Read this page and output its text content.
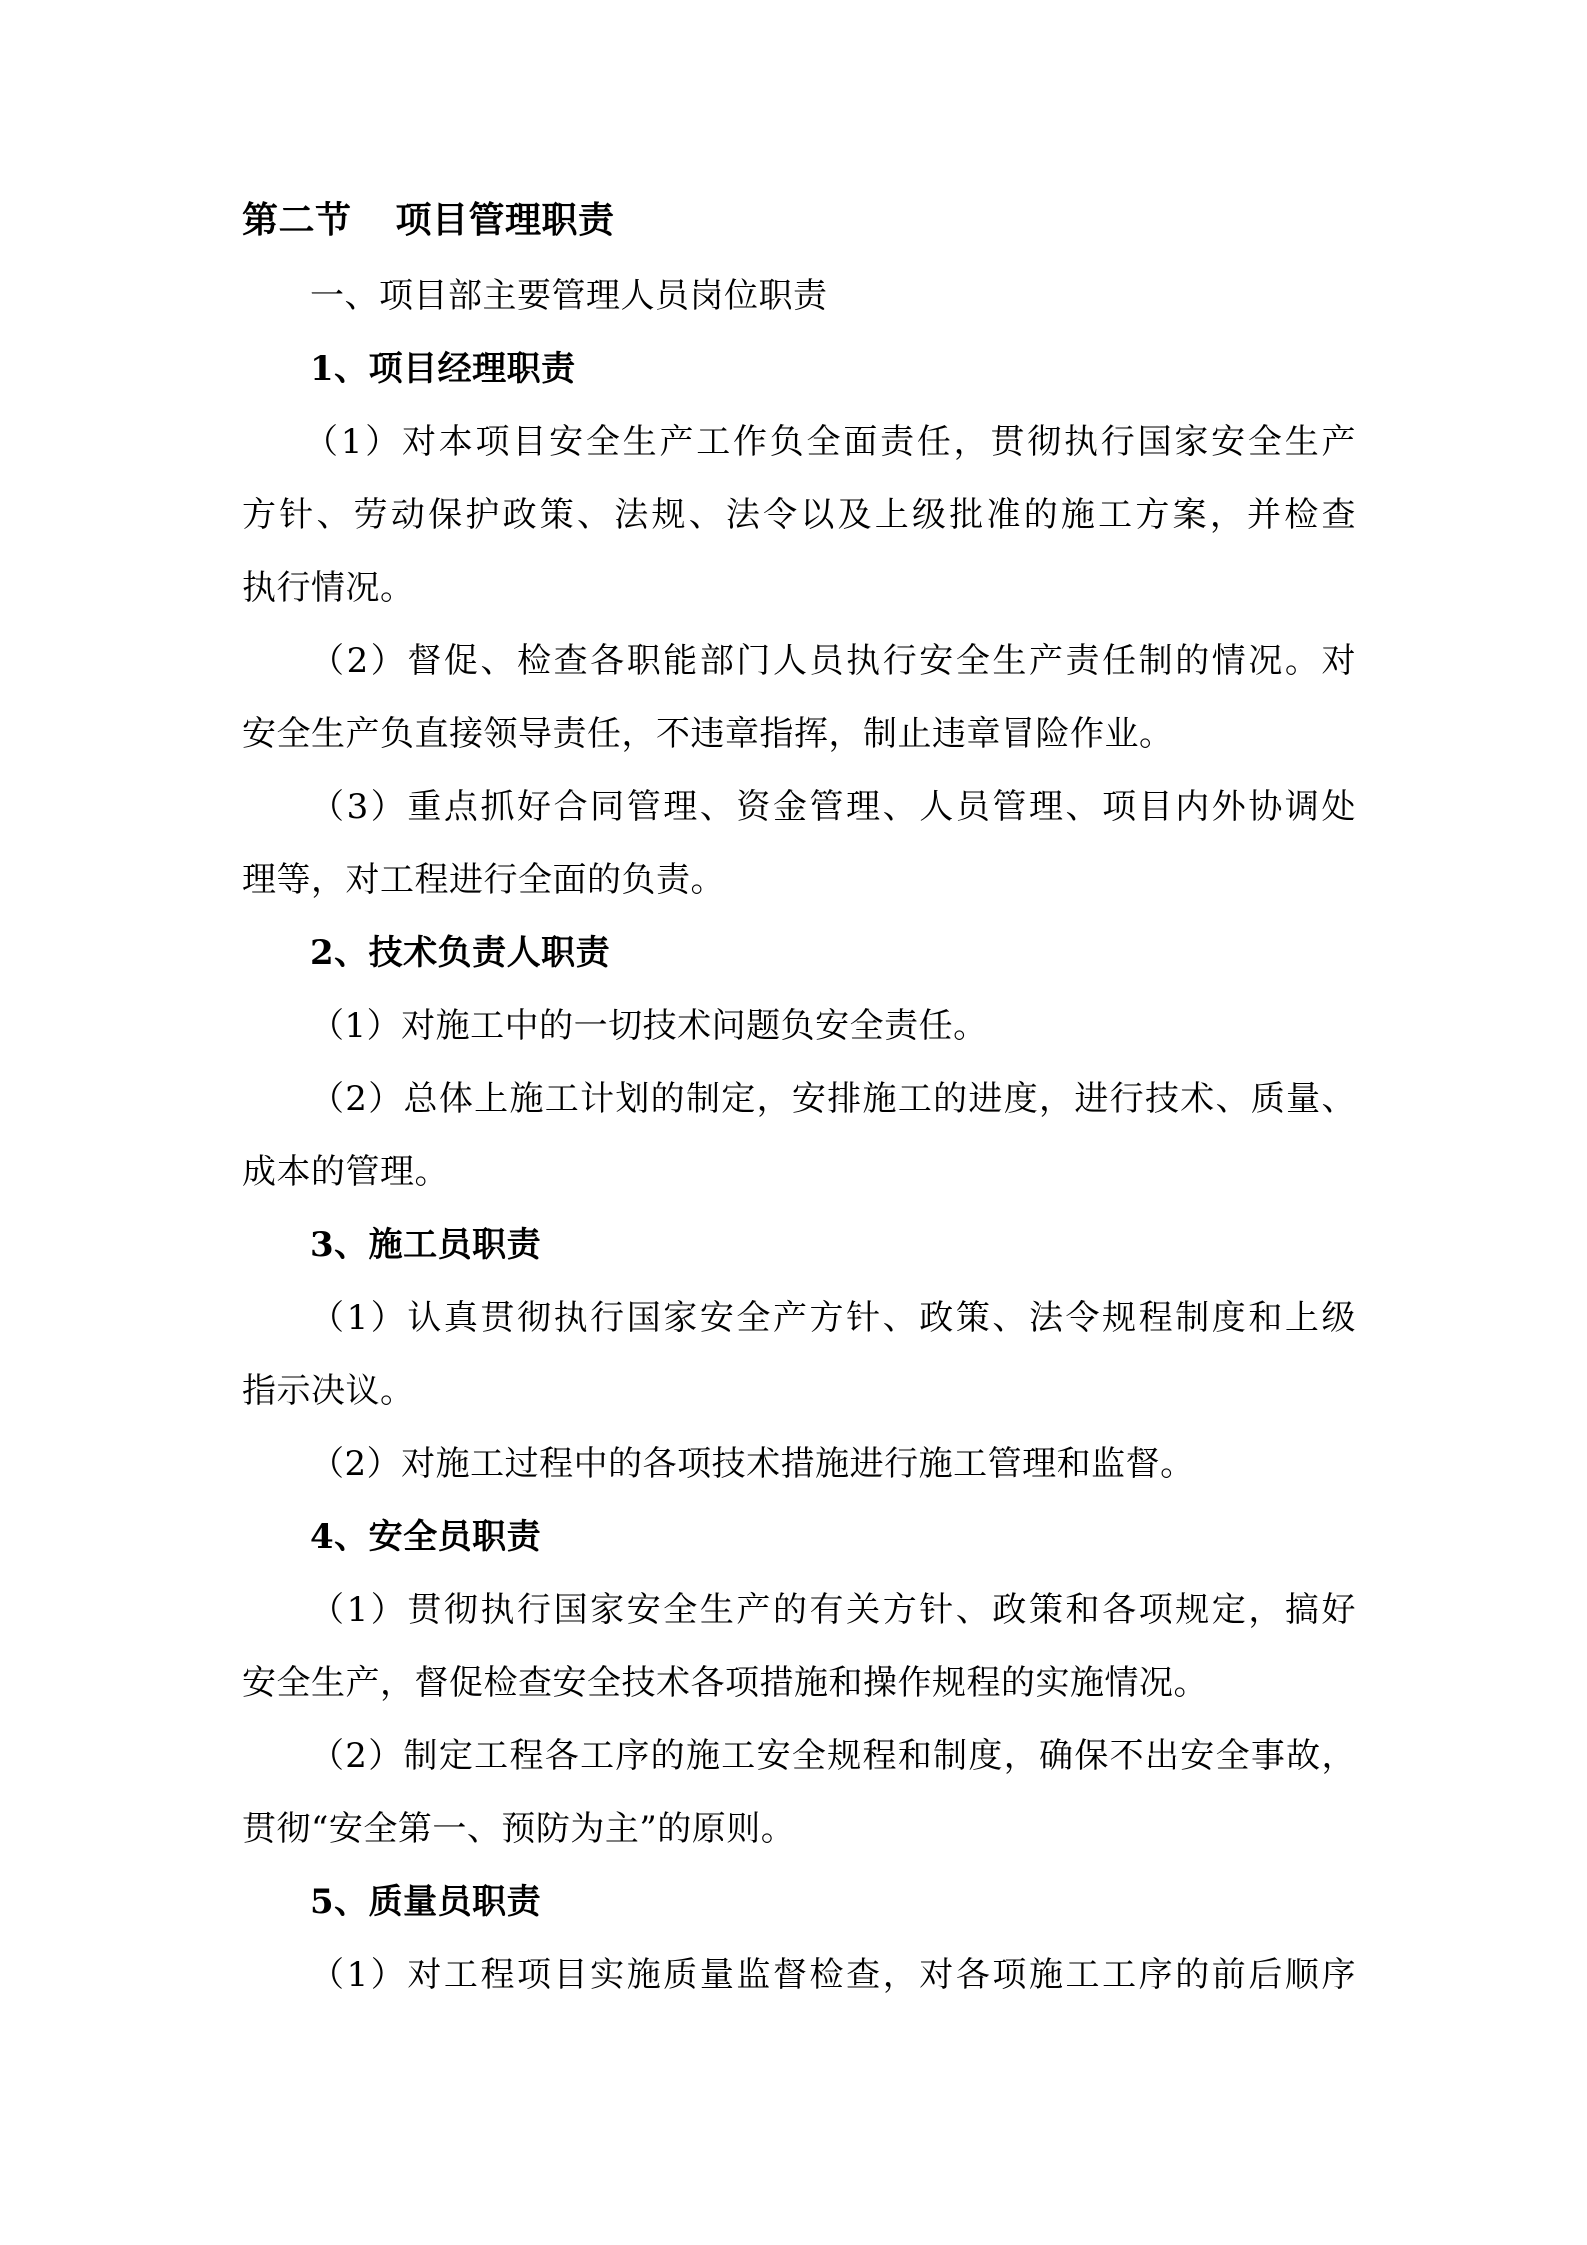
第二节 项目管理职责
一、项目部主要管理人员岗位职责
1、项目经理职责
（1）对本项目安全生产工作负全面责任，贯彻执行国家安全生产
方针、劳动保护政策、法规、法令以及上级批准的施工方案，并检查
执行情况。
（2）督促、检查各职能部门人员执行安全生产责任制的情况。对
安全生产负直接领导责任，不违章指挥，制止违章冒险作业。
（3）重点抓好合同管理、资金管理、人员管理、项目内外协调处
理等，对工程进行全面的负责。
2、技术负责人职责
（1）对施工中的一切技术问题负安全责任。
（2）总体上施工计划的制定，安排施工的进度，进行技术、质量、
成本的管理。
3、施工员职责
（1）认真贯彻执行国家安全产方针、政策、法令规程制度和上级
指示决议。
（2）对施工过程中的各项技术措施进行施工管理和监督。
4、安全员职责
（1）贯彻执行国家安全生产的有关方针、政策和各项规定，搞好
安全生产，督促检查安全技术各项措施和操作规程的实施情况。
（2）制定工程各工序的施工安全规程和制度，确保不出安全事故，
贯彻“安全第一、预防为主”的原则。
5、质量员职责
（1）对工程项目实施质量监督检查，对各项施工工序的前后顺序
